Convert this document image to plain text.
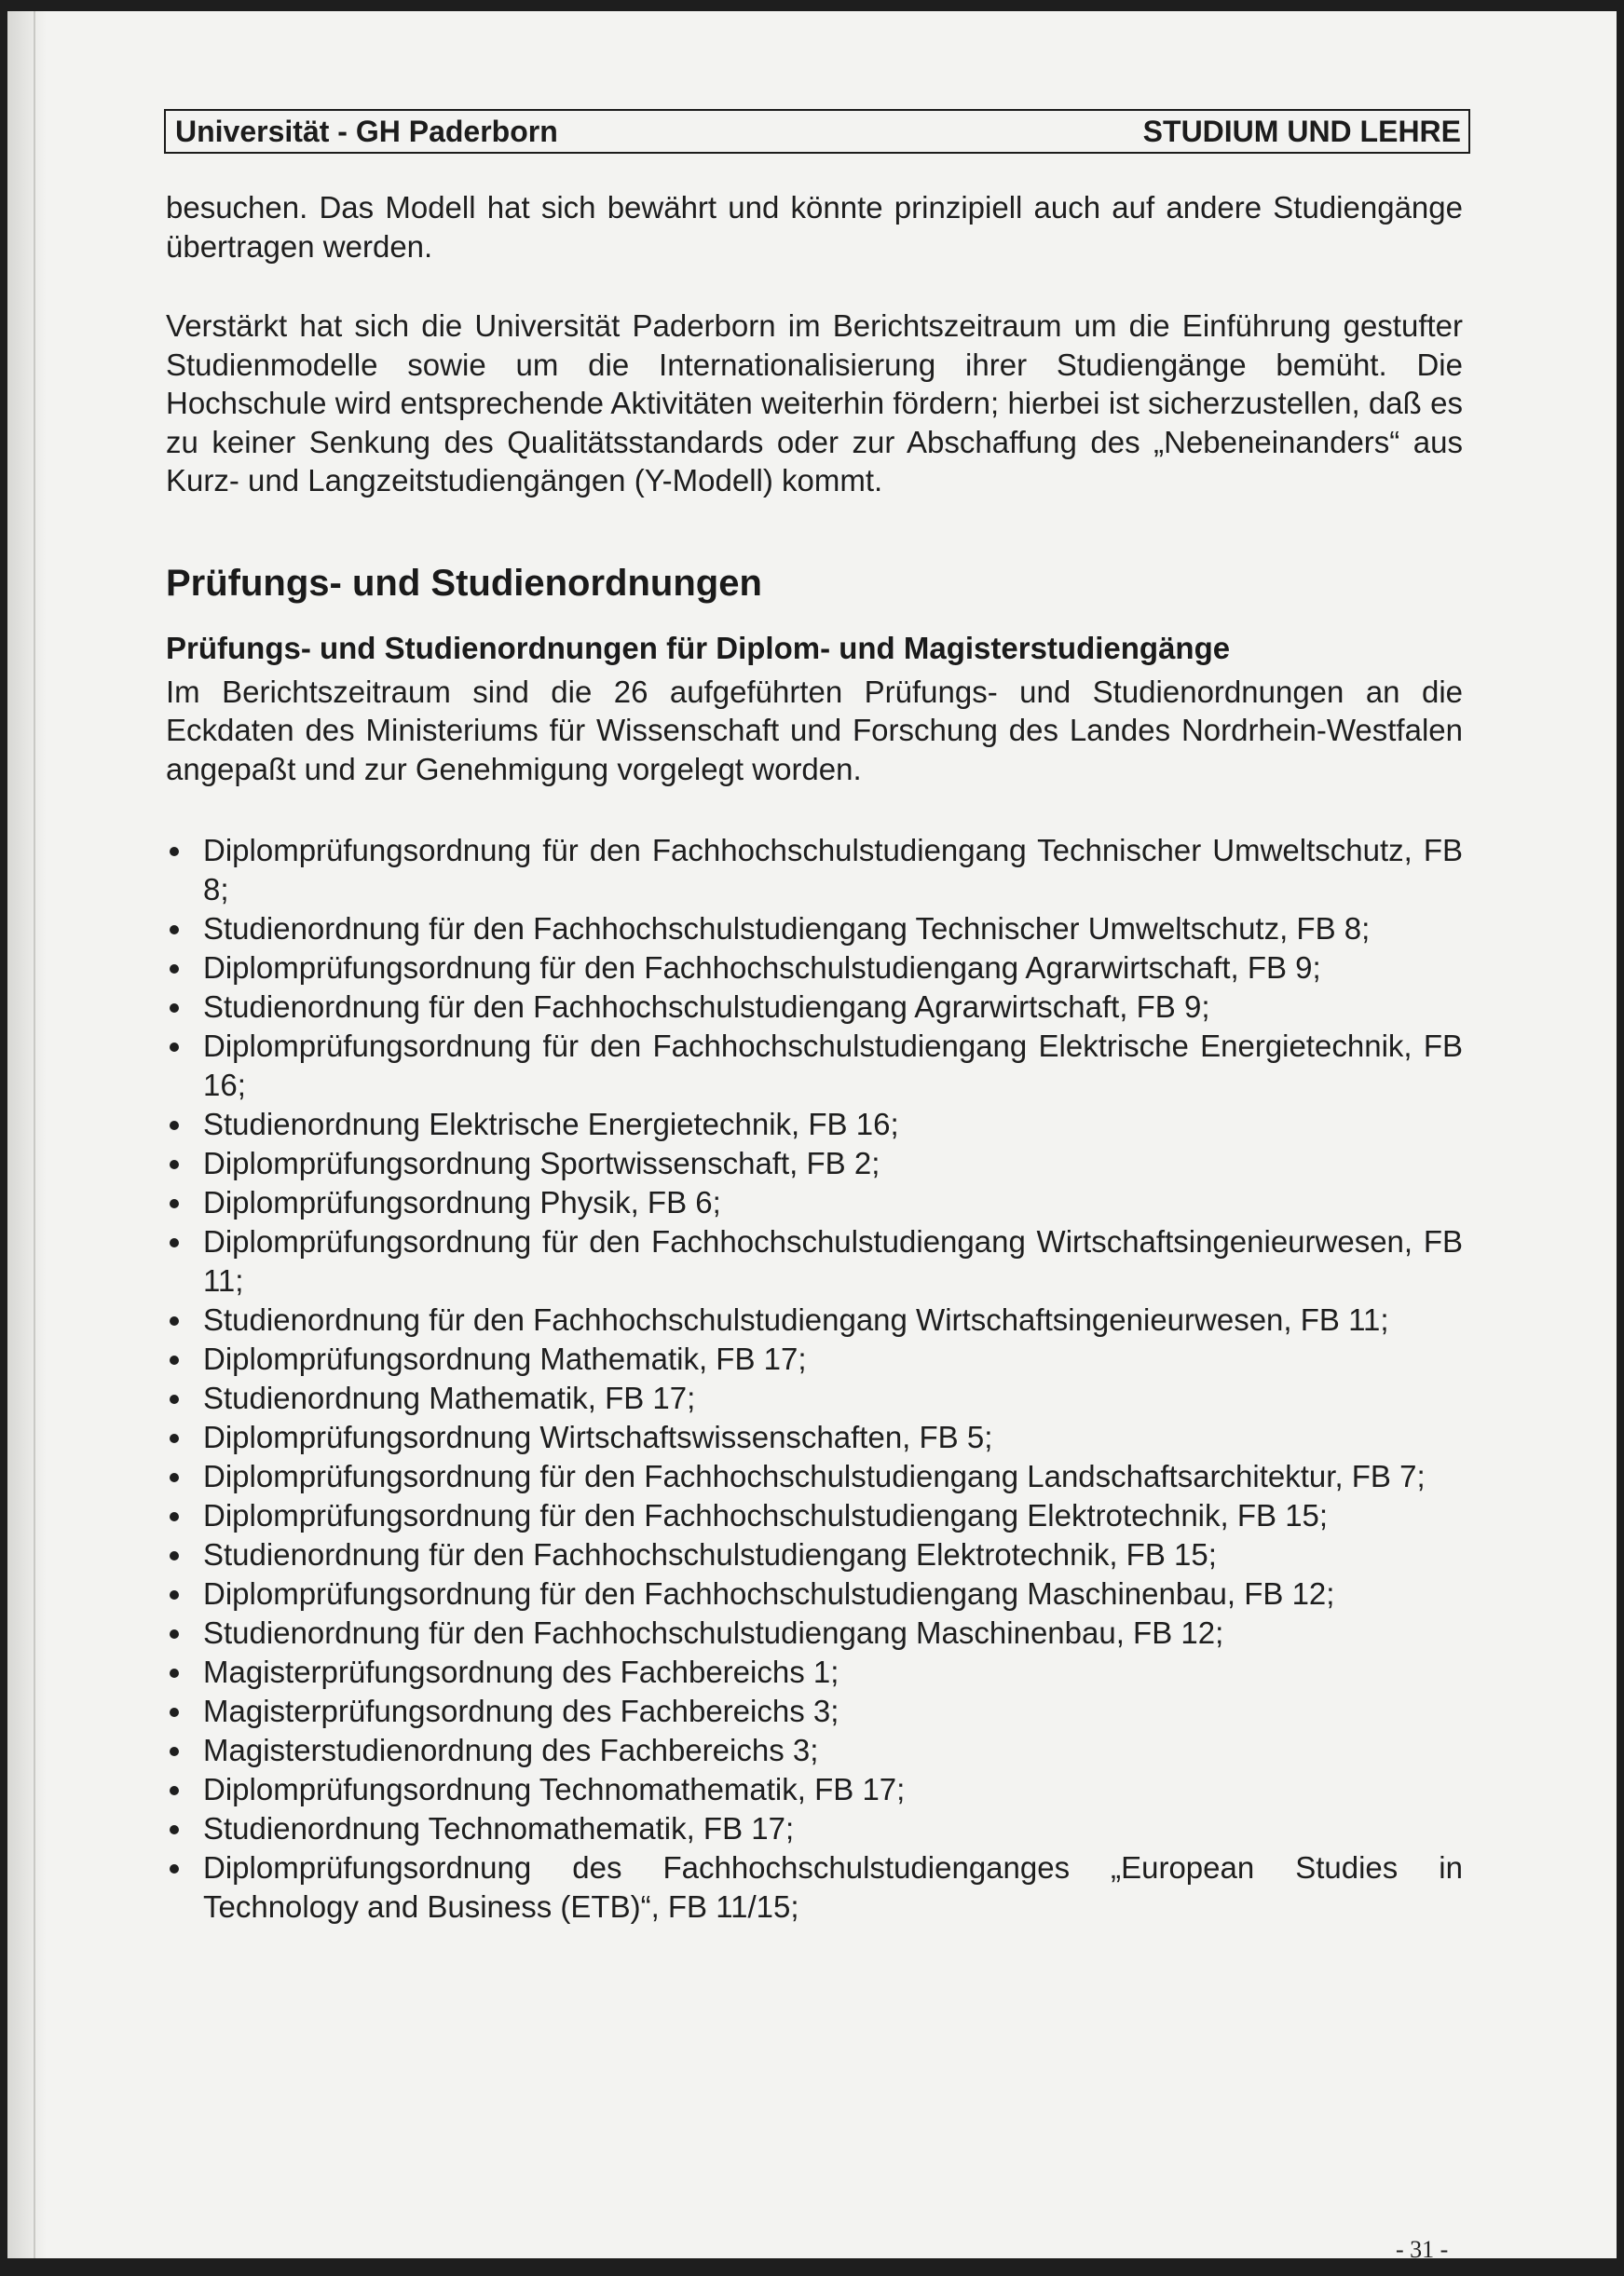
Universität - GH Paderborn	STUDIUM UND LEHRE

besuchen. Das Modell hat sich bewährt und könnte prinzipiell auch auf andere Studiengänge übertragen werden.

Verstärkt hat sich die Universität Paderborn im Berichtszeitraum um die Einführung gestufter Studienmodelle sowie um die Internationalisierung ihrer Studiengänge bemüht. Die Hochschule wird entsprechende Aktivitäten weiterhin fördern; hierbei ist sicherzustellen, daß es zu keiner Senkung des Qualitätsstandards oder zur Abschaffung des „Nebeneinanders“ aus Kurz- und Langzeitstudiengängen (Y-Modell) kommt.

Prüfungs- und Studienordnungen
Prüfungs- und Studienordnungen für Diplom- und Magisterstudiengänge

Im Berichtszeitraum sind die 26 aufgeführten Prüfungs- und Studienordnungen an die Eckdaten des Ministeriums für Wissenschaft und Forschung des Landes Nordrhein-Westfalen angepaßt und zur Genehmigung vorgelegt worden.

Diplomprüfungsordnung für den Fachhochschulstudiengang Technischer Umweltschutz, FB 8;
Studienordnung für den Fachhochschulstudiengang Technischer Umweltschutz, FB 8;
Diplomprüfungsordnung für den Fachhochschulstudiengang Agrarwirtschaft, FB 9;
Studienordnung für den Fachhochschulstudiengang Agrarwirtschaft, FB 9;
Diplomprüfungsordnung für den Fachhochschulstudiengang Elektrische Energietechnik, FB 16;
Studienordnung Elektrische Energietechnik, FB 16;
Diplomprüfungsordnung Sportwissenschaft, FB 2;
Diplomprüfungsordnung Physik, FB 6;
Diplomprüfungsordnung für den Fachhochschulstudiengang Wirtschaftsingenieurwesen, FB 11;
Studienordnung für den Fachhochschulstudiengang Wirtschaftsingenieurwesen, FB 11;
Diplomprüfungsordnung Mathematik, FB 17;
Studienordnung Mathematik, FB 17;
Diplomprüfungsordnung Wirtschaftswissenschaften, FB 5;
Diplomprüfungsordnung für den Fachhochschulstudiengang Landschaftsarchitektur, FB 7;
Diplomprüfungsordnung für den Fachhochschulstudiengang Elektrotechnik, FB 15;
Studienordnung für den Fachhochschulstudiengang Elektrotechnik, FB 15;
Diplomprüfungsordnung für den Fachhochschulstudiengang Maschinenbau, FB 12;
Studienordnung für den Fachhochschulstudiengang Maschinenbau, FB 12;
Magisterprüfungsordnung des Fachbereichs 1;
Magisterprüfungsordnung des Fachbereichs 3;
Magisterstudienordnung des Fachbereichs 3;
Diplomprüfungsordnung Technomathematik, FB 17;
Studienordnung Technomathematik, FB 17;
Diplomprüfungsordnung des Fachhochschulstudienganges „European Studies in Technology and Business (ETB)“, FB 11/15;
- 31 -
